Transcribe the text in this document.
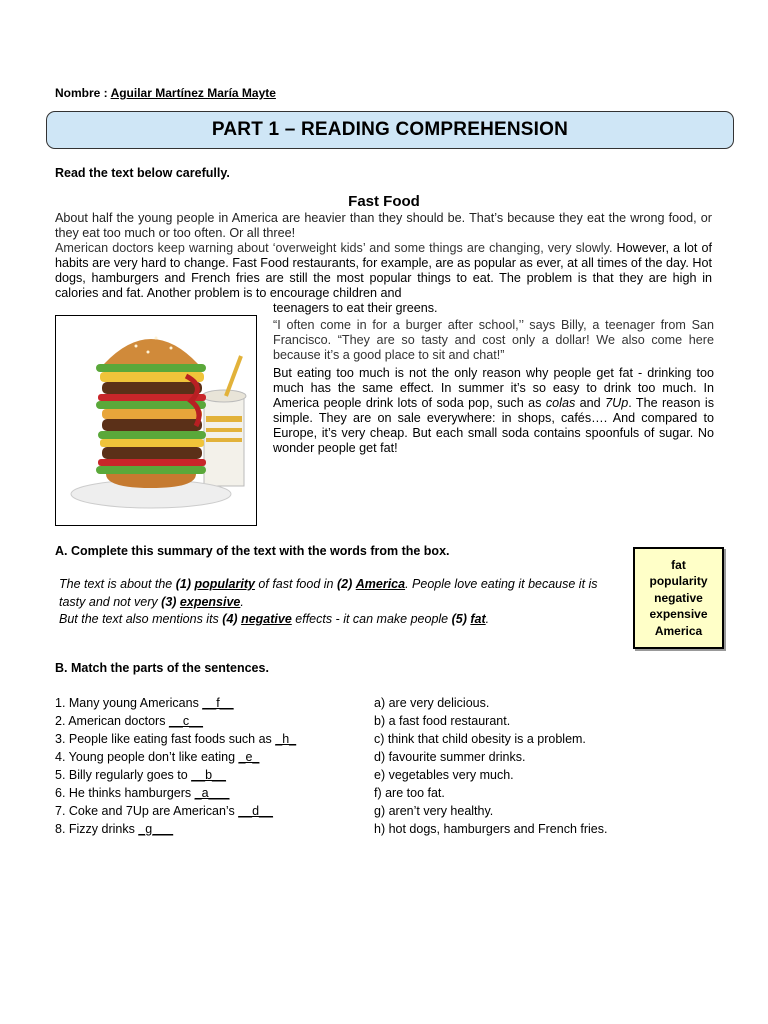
Nombre : Aguilar Martínez María Mayte
PART 1 – READING COMPREHENSION
Read the text below carefully.
Fast Food
About half the young people in America are heavier than they should be. That’s because they eat the wrong food, or they eat too much or too often. Or all three!
American doctors keep warning about ‘overweight kids’ and some things are changing, very slowly. However, a lot of habits are very hard to change. Fast Food restaurants, for example, are as popular as ever, at all times of the day. Hot dogs, hamburgers and French fries are still the most popular things to eat. The problem is that they are high in calories and fat. Another problem is to encourage children and
teenagers to eat their greens.
“I often come in for a burger after school,’’ says Billy, a teenager from San Francisco. “They are so tasty and cost only a dollar! We also come here because it’s a good place to sit and chat!”
But eating too much is not the only reason why people get fat - drinking too much has the same effect. In summer it’s so easy to drink too much. In America people drink lots of soda pop, such as colas and 7Up. The reason is simple. They are on sale everywhere: in shops, cafés…. And compared to Europe, it’s very cheap. But each small soda contains spoonfuls of sugar. No wonder people get fat!
A. Complete this summary of the text with the words from the box.
The text is about the (1) popularity of fast food in (2) America. People love eating it because it is tasty and not very (3) expensive.
But the text also mentions its (4) negative effects - it can make people (5) fat.
fat
popularity
negative
expensive
America
B. Match the parts of the sentences.
1. Many young Americans __f__
2. American doctors __c__
3. People like eating fast foods such as _h_
4. Young people don’t like eating _e_
5. Billy regularly goes to __b__
6. He thinks hamburgers _a___
7. Coke and 7Up are American’s __d__
8. Fizzy drinks _g___
a) are very delicious.
b) a fast food restaurant.
c) think that child obesity is a problem.
d) favourite summer drinks.
e) vegetables very much.
f) are too fat.
g) aren’t very healthy.
h) hot dogs, hamburgers and French fries.
